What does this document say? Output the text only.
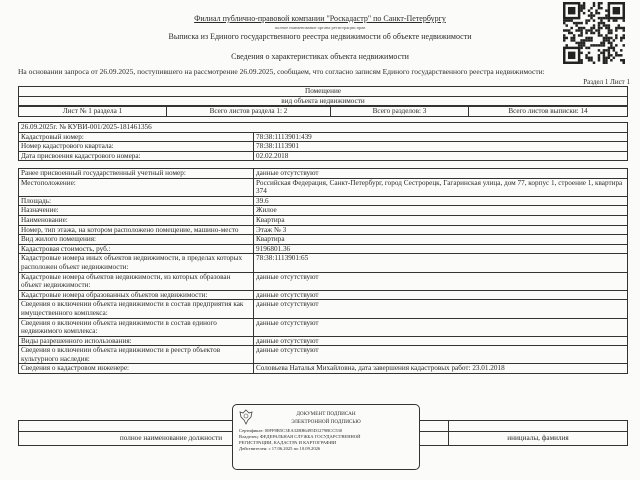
Филиал публично-правовой компании "Роскадастр" по Санкт-Петербургу
полное наименование органа регистрации прав
Выписка из Единого государственного реестра недвижимости об объекте недвижимости
Сведения о характеристиках объекта недвижимости
На основании запроса от 26.09.2025, поступившего на рассмотрение 26.09.2025, сообщаем, что согласно записям Единого государственного реестра недвижимости:
Раздел 1 Лист 1
Помещение
вид объекта недвижимости
Лист № 1 раздела 1	Всего листов раздела 1: 2	Всего разделов: 3	Всего листов выписки: 14
26.09.2025г. № КУВИ-001/2025-181461356	
Кадастровый номер:	78:38:1113901:439
Номер кадастрового квартала:	78:38:1113901
Дата присвоения кадастрового номера:	02.02.2018
Ранее присвоенный государственный учетный номер:	данные отсутствуют
Местоположение:	Российская Федерация, Санкт-Петербург, город Сестрорецк, Гагаринская улица, дом 77, корпус 1, строение 1, квартира 374
Площадь:	39.6
Назначение:	Жилое
Наименование:	Квартира
Номер, тип этажа, на котором расположено помещение, машино-место	Этаж № 3
Вид жилого помещения:	Квартира
Кадастровая стоимость, руб.:	9196801.36
Кадастровые номера иных объектов недвижимости, в пределах которых расположен объект недвижимости:	78:38:1113901:65
Кадастровые номера объектов недвижимости, из которых образован объект недвижимости:	данные отсутствуют
Кадастровые номера образованных объектов недвижимости:	данные отсутствуют
Сведения о включении объекта недвижимости в состав предприятия как имущественного комплекса:	данные отсутствуют
Сведения о включении объекта недвижимости в состав единого недвижимого комплекса:	данные отсутствуют
Виды разрешенного использования:	данные отсутствуют
Сведения о включении объекта недвижимости в реестр объектов культурного наследия:	данные отсутствуют
Сведения о кадастровом инженере:	Соловьева Наталья Михайловна, дата завершения кадастровых работ: 23.01.2018
ДОКУМЕНТ ПОДПИСАН
ЭЛЕКТРОННОЙ ПОДПИСЬЮ
Сертификат: 00FF8B5C3EA32BB6495D1279BCC530
Владелец: ФЕДЕРАЛЬНАЯ СЛУЖБА ГОСУДАРСТВЕННОЙ
РЕГИСТРАЦИИ, КАДАСТРА И КАРТОГРАФИИ
Действителен: с 17.06.2025 по 10.09.2026

полное наименование должности		инициалы, фамилия
